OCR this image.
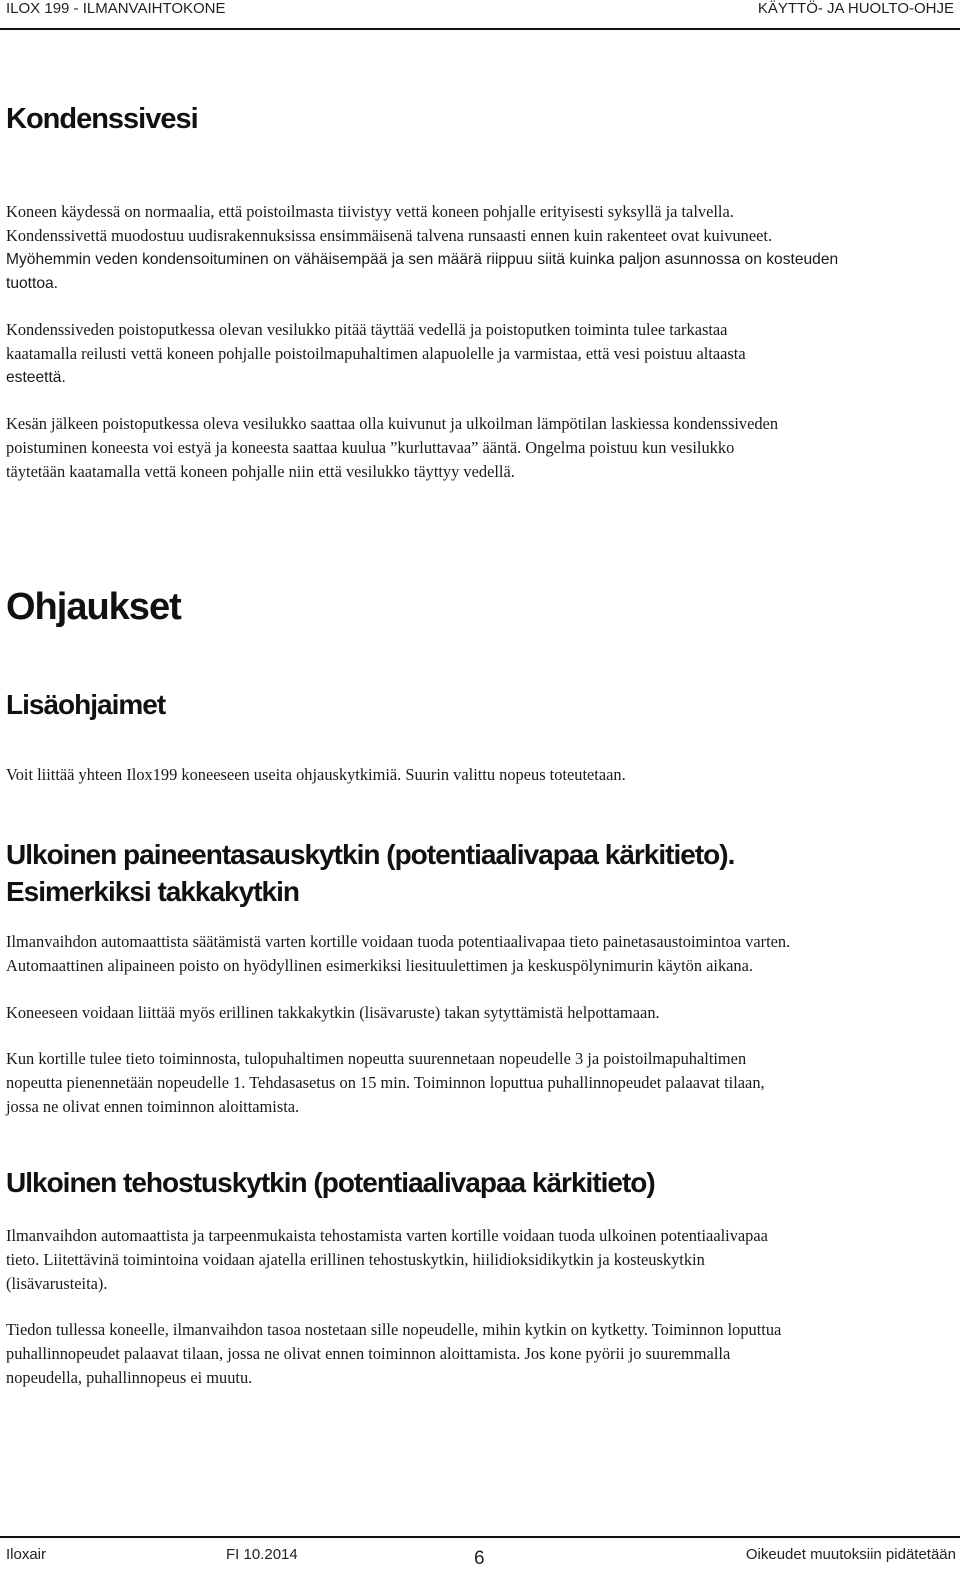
ILOX 199 - ILMANVAIHTOKONE	KÄYTTÖ- JA HUOLTO-OHJE
Kondenssivesi
Koneen käydessä on normaalia, että poistoilmasta tiivistyy vettä koneen pohjalle erityisesti syksyllä ja talvella.
Kondenssivettä muodostuu uudisrakennuksissa ensimmäisenä talvena runsaasti ennen kuin rakenteet ovat kuivuneet.
Myöhemmin veden kondensoituminen on vähäisempää ja sen määrä riippuu siitä kuinka paljon asunnossa on kosteuden
tuottoa.
Kondenssiveden poistoputkessa olevan vesilukko pitää täyttää vedellä ja poistoputken toiminta tulee tarkastaa
kaatamalla reilusti vettä koneen pohjalle poistoilmapuhaltimen alapuolelle ja varmistaa, että vesi poistuu altaasta
esteettä.
Kesän jälkeen poistoputkessa oleva vesilukko saattaa olla kuivunut ja ulkoilman lämpötilan laskiessa kondenssiveden
poistuminen koneesta voi estyä ja koneesta saattaa kuulua ”kurluttavaa” ääntä. Ongelma poistuu kun vesilukko
täytetään kaatamalla vettä koneen pohjalle niin että vesilukko täyttyy vedellä.
Ohjaukset
Lisäohjaimet
Voit liittää yhteen Ilox199 koneeseen useita ohjauskytkimiä. Suurin valittu nopeus toteutetaan.
Ulkoinen paineentasauskytkin (potentiaalivapaa kärkitieto).
Esimerkiksi takkakytkin
Ilmanvaihdon automaattista säätämistä varten kortille voidaan tuoda potentiaalivapaa tieto painetasaustoimintoa varten.
Automaattinen alipaineen poisto on hyödyllinen esimerkiksi liesituulettimen ja keskuspölynimurin käytön aikana.
Koneeseen voidaan liittää myös erillinen takkakytkin (lisävaruste) takan sytyttämistä helpottamaan.
Kun kortille tulee tieto toiminnosta, tulopuhaltimen nopeutta suurennetaan nopeudelle 3 ja poistoilmapuhaltimen
nopeutta pienennetään nopeudelle 1. Tehdasasetus on 15 min. Toiminnon loputtua puhallinnopeudet palaavat tilaan,
jossa ne olivat ennen toiminnon aloittamista.
Ulkoinen tehostuskytkin (potentiaalivapaa kärkitieto)
Ilmanvaihdon automaattista ja tarpeenmukaista tehostamista varten kortille voidaan tuoda ulkoinen potentiaalivapaa
tieto. Liitettävinä toimintoina voidaan ajatella erillinen tehostuskytkin, hiilidioksidikytkin ja kosteuskytkin
(lisävarusteita).
Tiedon tullessa koneelle, ilmanvaihdon tasoa nostetaan sille nopeudelle, mihin kytkin on kytketty. Toiminnon loputtua
puhallinnopeudet palaavat tilaan, jossa ne olivat ennen toiminnon aloittamista. Jos kone pyörii jo suuremmalla
nopeudella, puhallinnopeus ei muutu.
Iloxair	FI 10.2014	6	Oikeudet muutoksiin pidätetään
